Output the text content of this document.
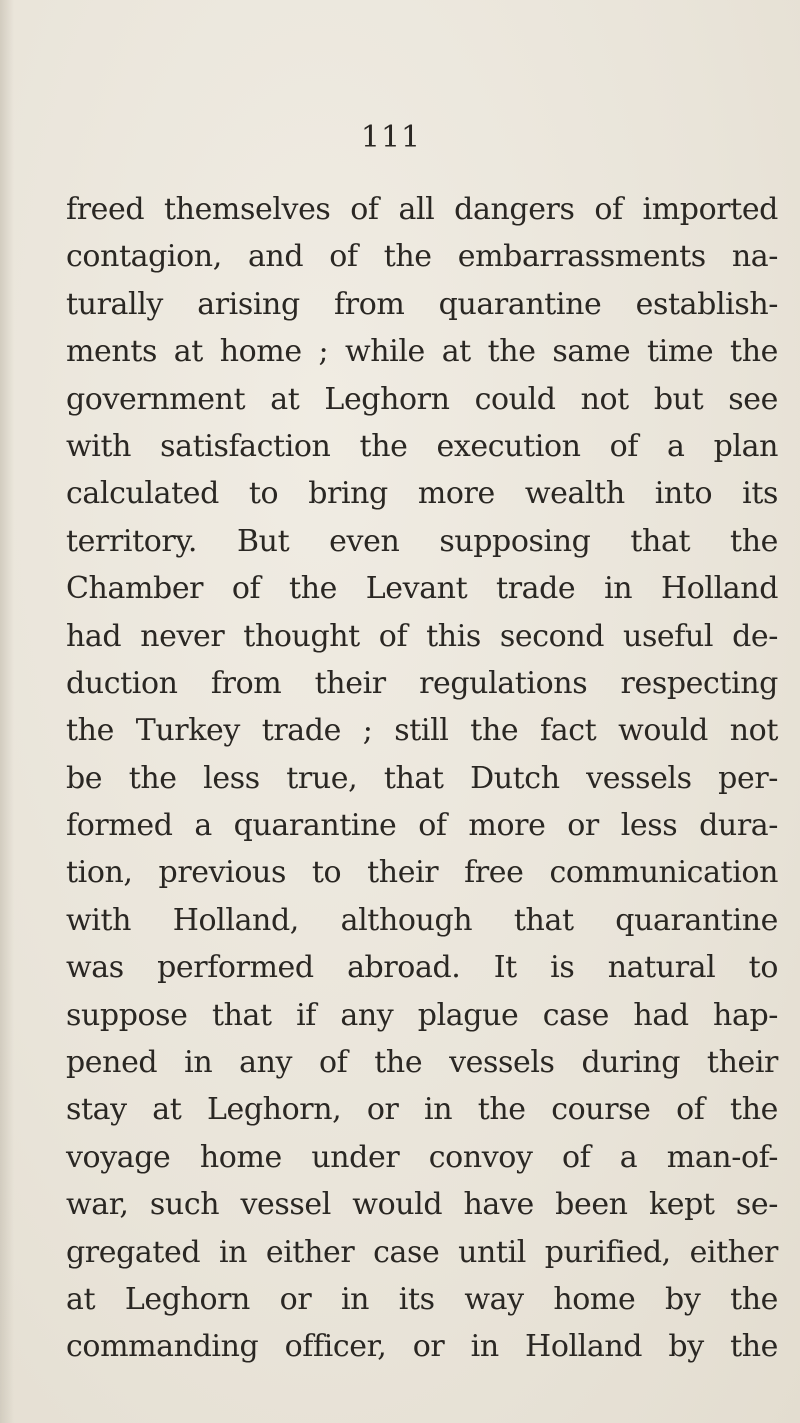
111
freed themselves of all dangers of imported
contagion, and of the embarrassments na-
turally arising from quarantine establish-
ments at home ; while at the same time the
government at Leghorn could not but see
with satisfaction the execution of a plan
calculated to bring more wealth into its
territory. But even supposing that the
Chamber of the Levant trade in Holland
had never thought of this second useful de-
duction from their regulations respecting
the Turkey trade ; still the fact would not
be the less true, that Dutch vessels per-
formed a quarantine of more or less dura-
tion, previous to their free communication
with Holland, although that quarantine
was performed abroad. It is natural to
suppose that if any plague case had hap-
pened in any of the vessels during their
stay at Leghorn, or in the course of the
voyage home under convoy of a man-of-
war, such vessel would have been kept se-
gregated in either case until purified, either
at Leghorn or in its way home by the
commanding officer, or in Holland by the
